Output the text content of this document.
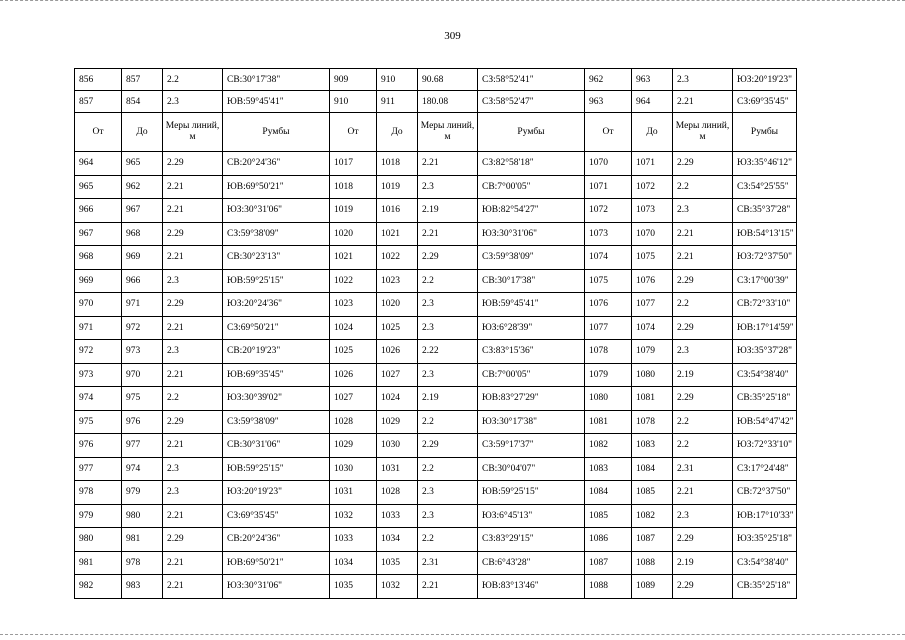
309
856	857	2.2	СВ:30°17'38"	909	910	90.68	СЗ:58°52'41"	962	963	2.3	ЮЗ:20°19'23"
857	854	2.3	ЮВ:59°45'41"	910	911	180.08	СЗ:58°52'47"	963	964	2.21	СЗ:69°35'45"
От	До	Меры линий, м	Румбы	От	До	Меры линий, м	Румбы	От	До	Меры линий, м	Румбы
964	965	2.29	СВ:20°24'36"	1017	1018	2.21	СЗ:82°58'18"	1070	1071	2.29	ЮЗ:35°46'12"
965	962	2.21	ЮВ:69°50'21"	1018	1019	2.3	СВ:7°00'05"	1071	1072	2.2	СЗ:54°25'55"
966	967	2.21	ЮЗ:30°31'06"	1019	1016	2.19	ЮВ:82°54'27"	1072	1073	2.3	СВ:35°37'28"
967	968	2.29	СЗ:59°38'09"	1020	1021	2.21	ЮЗ:30°31'06"	1073	1070	2.21	ЮВ:54°13'15"
968	969	2.21	СВ:30°23'13"	1021	1022	2.29	СЗ:59°38'09"	1074	1075	2.21	ЮЗ:72°37'50"
969	966	2.3	ЮВ:59°25'15"	1022	1023	2.2	СВ:30°17'38"	1075	1076	2.29	СЗ:17°00'39"
970	971	2.29	ЮЗ:20°24'36"	1023	1020	2.3	ЮВ:59°45'41"	1076	1077	2.2	СВ:72°33'10"
971	972	2.21	СЗ:69°50'21"	1024	1025	2.3	ЮЗ:6°28'39"	1077	1074	2.29	ЮВ:17°14'59"
972	973	2.3	СВ:20°19'23"	1025	1026	2.22	СЗ:83°15'36"	1078	1079	2.3	ЮЗ:35°37'28"
973	970	2.21	ЮВ:69°35'45"	1026	1027	2.3	СВ:7°00'05"	1079	1080	2.19	СЗ:54°38'40"
974	975	2.2	ЮЗ:30°39'02"	1027	1024	2.19	ЮВ:83°27'29"	1080	1081	2.29	СВ:35°25'18"
975	976	2.29	СЗ:59°38'09"	1028	1029	2.2	ЮЗ:30°17'38"	1081	1078	2.2	ЮВ:54°47'42"
976	977	2.21	СВ:30°31'06"	1029	1030	2.29	СЗ:59°17'37"	1082	1083	2.2	ЮЗ:72°33'10"
977	974	2.3	ЮВ:59°25'15"	1030	1031	2.2	СВ:30°04'07"	1083	1084	2.31	СЗ:17°24'48"
978	979	2.3	ЮЗ:20°19'23"	1031	1028	2.3	ЮВ:59°25'15"	1084	1085	2.21	СВ:72°37'50"
979	980	2.21	СЗ:69°35'45"	1032	1033	2.3	ЮЗ:6°45'13"	1085	1082	2.3	ЮВ:17°10'33"
980	981	2.29	СВ:20°24'36"	1033	1034	2.2	СЗ:83°29'15"	1086	1087	2.29	ЮЗ:35°25'18"
981	978	2.21	ЮВ:69°50'21"	1034	1035	2.31	СВ:6°43'28"	1087	1088	2.19	СЗ:54°38'40"
982	983	2.21	ЮЗ:30°31'06"	1035	1032	2.21	ЮВ:83°13'46"	1088	1089	2.29	СВ:35°25'18"
